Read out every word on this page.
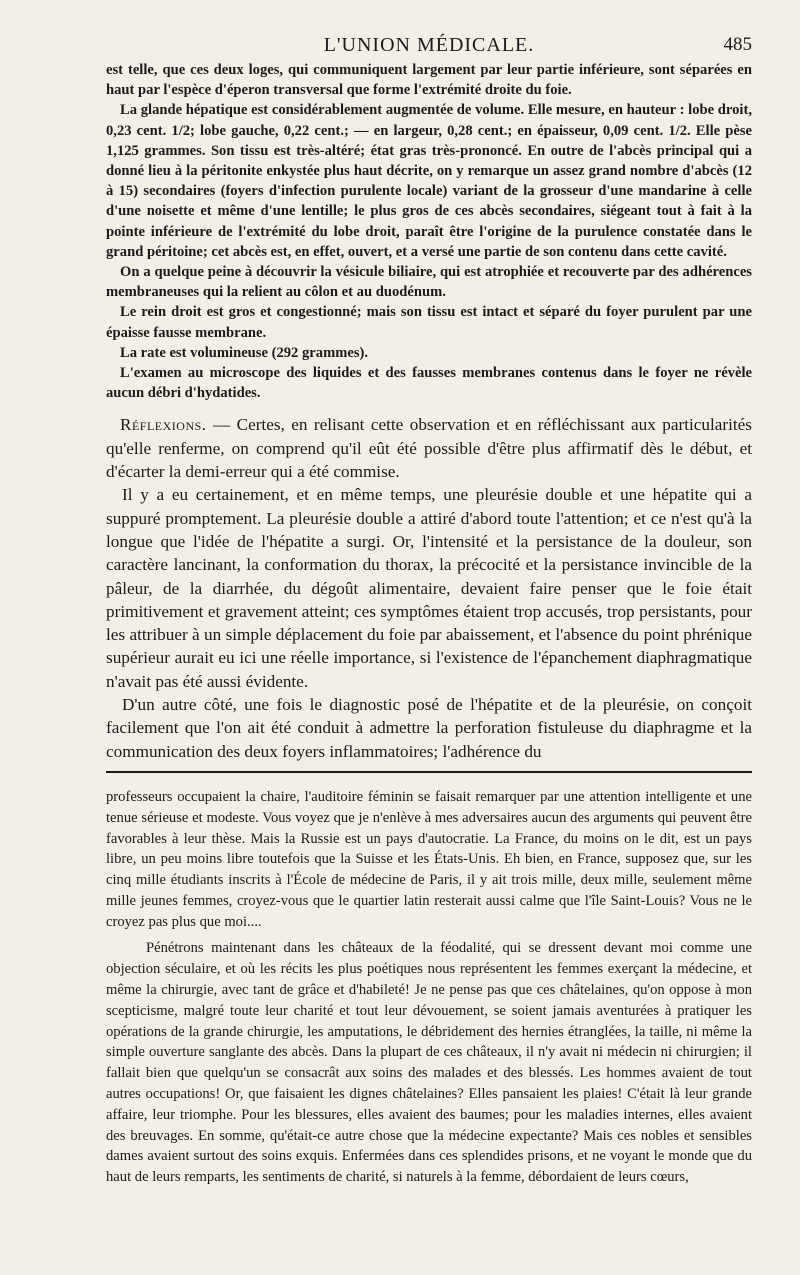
L'UNION MÉDICALE.	485

est telle, que ces deux loges, qui communiquent largement par leur partie inférieure, sont séparées en haut par l'espèce d'éperon transversal que forme l'extrémité droite du foie.

La glande hépatique est considérablement augmentée de volume. Elle mesure, en hauteur : lobe droit, 0,23 cent. 1/2; lobe gauche, 0,22 cent.; — en largeur, 0,28 cent.; en épaisseur, 0,09 cent. 1/2. Elle pèse 1,125 grammes. Son tissu est très-altéré; état gras très-prononcé. En outre de l'abcès principal qui a donné lieu à la péritonite enkystée plus haut décrite, on y remarque un assez grand nombre d'abcès (12 à 15) secondaires (foyers d'infection purulente locale) variant de la grosseur d'une mandarine à celle d'une noisette et même d'une lentille; le plus gros de ces abcès secondaires, siégeant tout à fait à la pointe inférieure de l'extrémité du lobe droit, paraît être l'origine de la purulence constatée dans le grand péritoine; cet abcès est, en effet, ouvert, et a versé une partie de son contenu dans cette cavité.

On a quelque peine à découvrir la vésicule biliaire, qui est atrophiée et recouverte par des adhérences membraneuses qui la relient au côlon et au duodénum.

Le rein droit est gros et congestionné; mais son tissu est intact et séparé du foyer purulent par une épaisse fausse membrane.

La rate est volumineuse (292 grammes).

L'examen au microscope des liquides et des fausses membranes contenus dans le foyer ne révèle aucun débri d'hydatides.

Réflexions. — Certes, en relisant cette observation et en réfléchissant aux particularités qu'elle renferme, on comprend qu'il eût été possible d'être plus affirmatif dès le début, et d'écarter la demi-erreur qui a été commise.

Il y a eu certainement, et en même temps, une pleurésie double et une hépatite qui a suppuré promptement. La pleurésie double a attiré d'abord toute l'attention; et ce n'est qu'à la longue que l'idée de l'hépatite a surgi. Or, l'intensité et la persistance de la douleur, son caractère lancinant, la conformation du thorax, la précocité et la persistance invincible de la pâleur, de la diarrhée, du dégoût alimentaire, devaient faire penser que le foie était primitivement et gravement atteint; ces symptômes étaient trop accusés, trop persistants, pour les attribuer à un simple déplacement du foie par abaissement, et l'absence du point phrénique supérieur aurait eu ici une réelle importance, si l'existence de l'épanchement diaphragmatique n'avait pas été aussi évidente.

D'un autre côté, une fois le diagnostic posé de l'hépatite et de la pleurésie, on conçoit facilement que l'on ait été conduit à admettre la perforation fistuleuse du diaphragme et la communication des deux foyers inflammatoires; l'adhérence du

professeurs occupaient la chaire, l'auditoire féminin se faisait remarquer par une attention intelligente et une tenue sérieuse et modeste. Vous voyez que je n'enlève à mes adversaires aucun des arguments qui peuvent être favorables à leur thèse. Mais la Russie est un pays d'autocratie. La France, du moins on le dit, est un pays libre, un peu moins libre toutefois que la Suisse et les États-Unis. Eh bien, en France, supposez que, sur les cinq mille étudiants inscrits à l'École de médecine de Paris, il y ait trois mille, deux mille, seulement même mille jeunes femmes, croyez-vous que le quartier latin resterait aussi calme que l'île Saint-Louis? Vous ne le croyez pas plus que moi....

Pénétrons maintenant dans les châteaux de la féodalité, qui se dressent devant moi comme une objection séculaire, et où les récits les plus poétiques nous représentent les femmes exerçant la médecine, et même la chirurgie, avec tant de grâce et d'habileté! Je ne pense pas que ces châtelaines, qu'on oppose à mon scepticisme, malgré toute leur charité et tout leur dévouement, se soient jamais aventurées à pratiquer les opérations de la grande chirurgie, les amputations, le débridement des hernies étranglées, la taille, ni même la simple ouverture sanglante des abcès. Dans la plupart de ces châteaux, il n'y avait ni médecin ni chirurgien; il fallait bien que quelqu'un se consacrât aux soins des malades et des blessés. Les hommes avaient de tout autres occupations! Or, que faisaient les dignes châtelaines? Elles pansaient les plaies! C'était là leur grande affaire, leur triomphe. Pour les blessures, elles avaient des baumes; pour les maladies internes, elles avaient des breuvages. En somme, qu'était-ce autre chose que la médecine expectante? Mais ces nobles et sensibles dames avaient surtout des soins exquis. Enfermées dans ces splendides prisons, et ne voyant le monde que du haut de leurs remparts, les sentiments de charité, si naturels à la femme, débordaient de leurs cœurs,
